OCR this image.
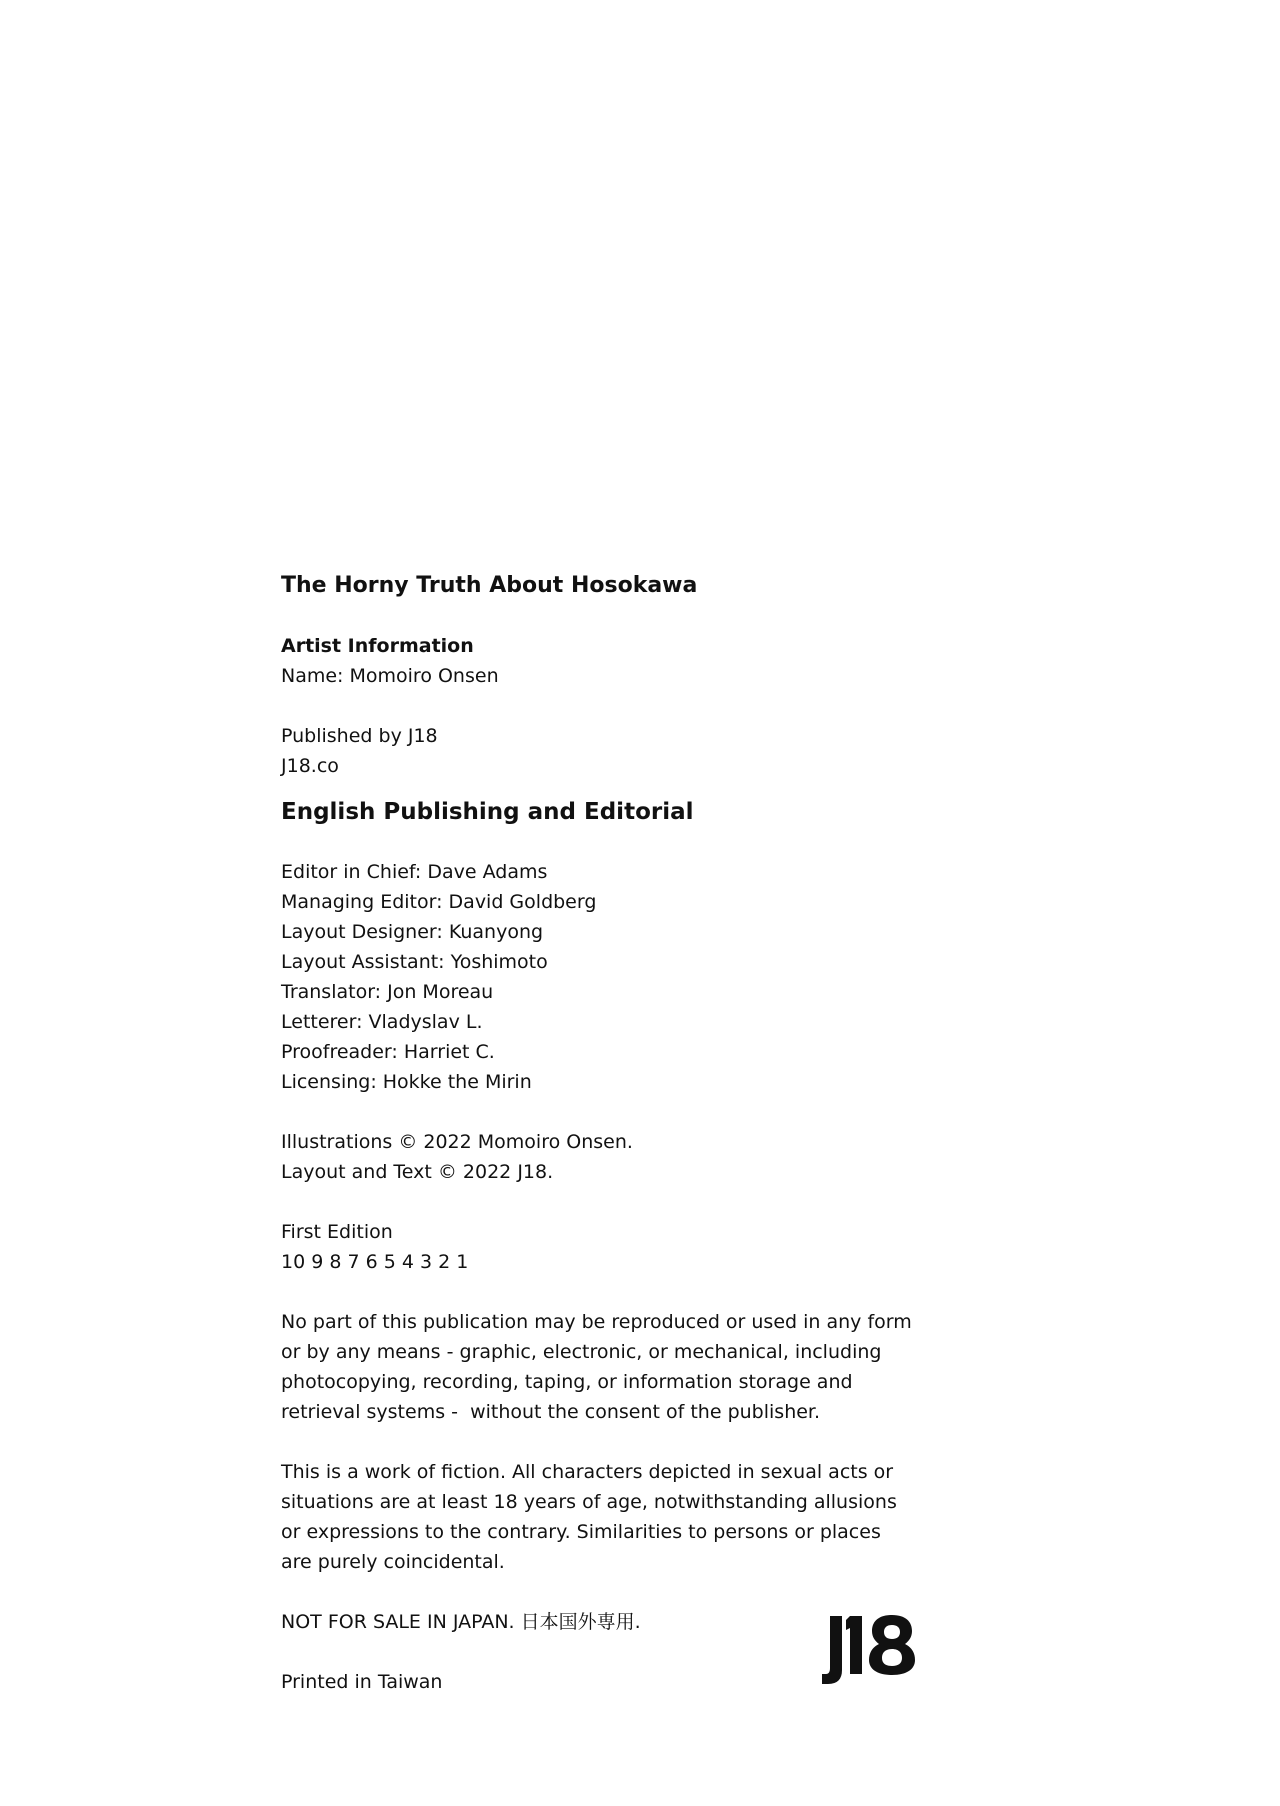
The Horny Truth About Hosokawa
Artist Information
Name: Momoiro Onsen
Published by J18
J18.co
English Publishing and Editorial
Editor in Chief: Dave Adams
Managing Editor: David Goldberg
Layout Designer: Kuanyong
Layout Assistant: Yoshimoto
Translator: Jon Moreau
Letterer: Vladyslav L.
Proofreader: Harriet C.
Licensing: Hokke the Mirin
Illustrations © 2022 Momoiro Onsen.
Layout and Text © 2022 J18.
First Edition
10 9 8 7 6 5 4 3 2 1
No part of this publication may be reproduced or used in any form
or by any means - graphic, electronic, or mechanical, including
photocopying, recording, taping, or information storage and
retrieval systems -  without the consent of the publisher.
This is a work of fiction. All characters depicted in sexual acts or
situations are at least 18 years of age, notwithstanding allusions
or expressions to the contrary. Similarities to persons or places
are purely coincidental.
NOT FOR SALE IN JAPAN. 日本国外専用.
Printed in Taiwan
